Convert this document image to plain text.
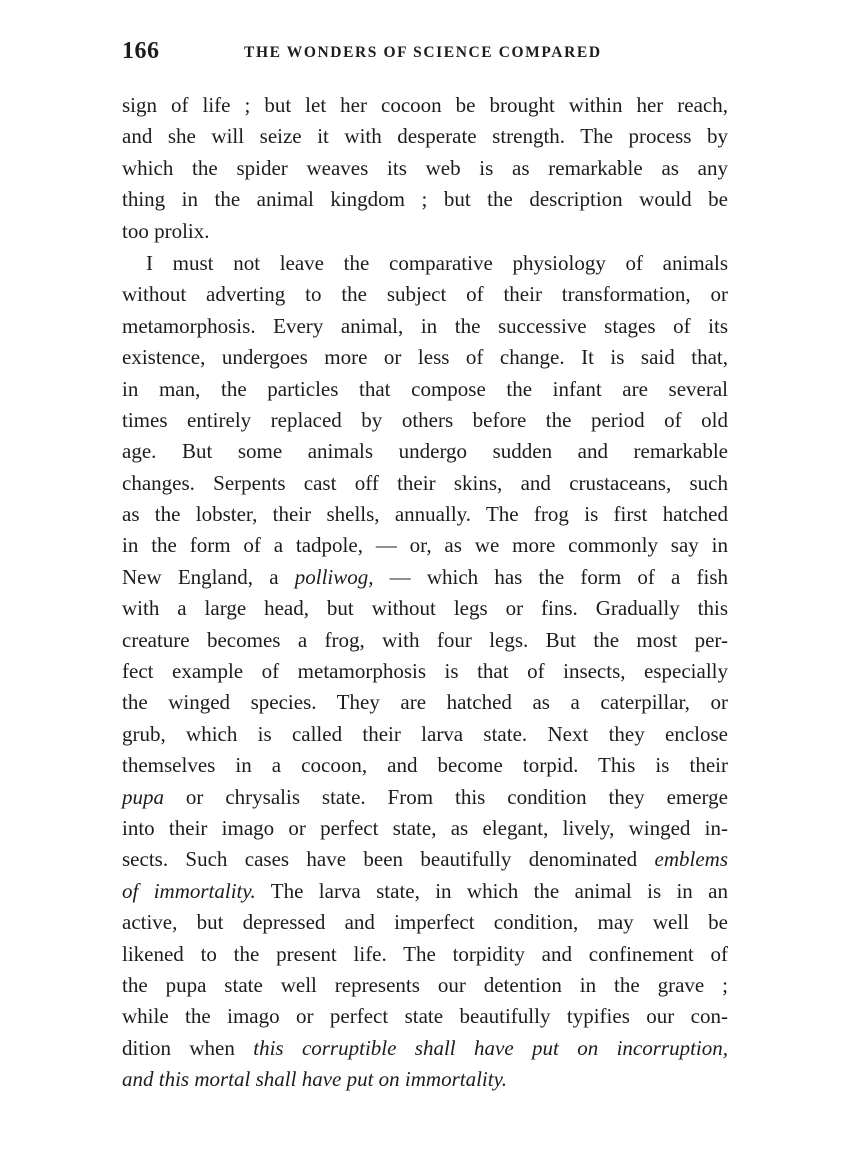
166	THE WONDERS OF SCIENCE COMPARED
sign of life ; but let her cocoon be brought within her reach,
and she will seize it with desperate strength. The process by
which the spider weaves its web is as remarkable as any
thing in the animal kingdom ; but the description would be
too prolix.
I must not leave the comparative physiology of animals
without adverting to the subject of their transformation, or
metamorphosis. Every animal, in the successive stages of its
existence, undergoes more or less of change. It is said that,
in man, the particles that compose the infant are several
times entirely replaced by others before the period of old
age. But some animals undergo sudden and remarkable
changes. Serpents cast off their skins, and crustaceans, such
as the lobster, their shells, annually. The frog is first hatched
in the form of a tadpole, — or, as we more commonly say in
New England, a polliwog, — which has the form of a fish
with a large head, but without legs or fins. Gradually this
creature becomes a frog, with four legs. But the most per-
fect example of metamorphosis is that of insects, especially
the winged species. They are hatched as a caterpillar, or
grub, which is called their larva state. Next they enclose
themselves in a cocoon, and become torpid. This is their
pupa or chrysalis state. From this condition they emerge
into their imago or perfect state, as elegant, lively, winged in-
sects. Such cases have been beautifully denominated emblems
of immortality. The larva state, in which the animal is in an
active, but depressed and imperfect condition, may well be
likened to the present life. The torpidity and confinement of
the pupa state well represents our detention in the grave ;
while the imago or perfect state beautifully typifies our con-
dition when this corruptible shall have put on incorruption,
and this mortal shall have put on immortality.
